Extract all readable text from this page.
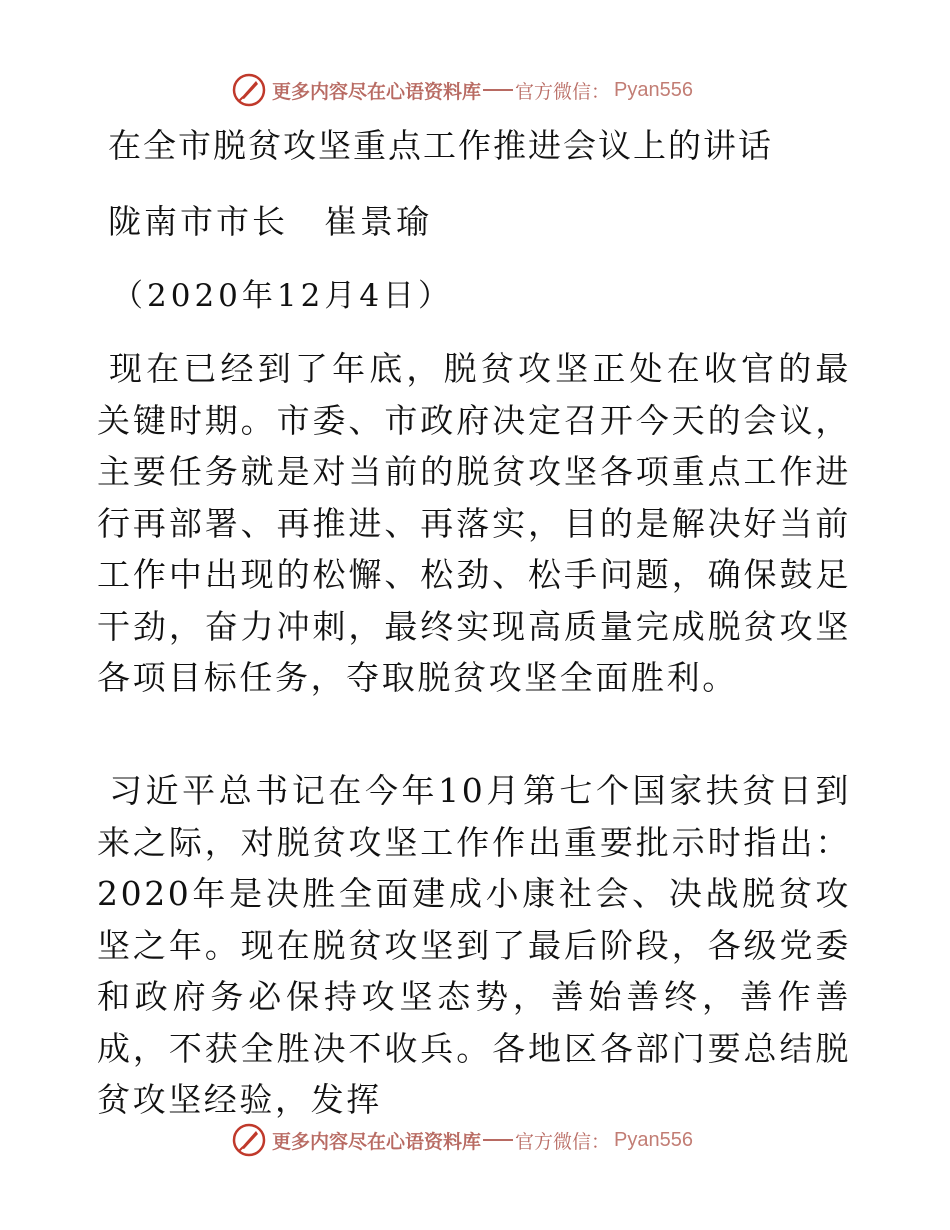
更多内容尽在心语资料库 官方微信： Pyan556
在全市脱贫攻坚重点工作推进会议上的讲话
陇南市市长 崔景瑜
（2020年12月4日）

现在已经到了年底，脱贫攻坚正处在收官的最关键时期。市委、市政府决定召开今天的会议，主要任务就是对当前的脱贫攻坚各项重点工作进行再部署、再推进、再落实，目的是解决好当前工作中出现的松懈、松劲、松手问题，确保鼓足干劲，奋力冲刺，最终实现高质量完成脱贫攻坚各项目标任务，夺取脱贫攻坚全面胜利。

习近平总书记在今年10月第七个国家扶贫日到来之际，对脱贫攻坚工作作出重要批示时指出：2020年是决胜全面建成小康社会、决战脱贫攻坚之年。现在脱贫攻坚到了最后阶段，各级党委和政府务必保持攻坚态势，善始善终，善作善成，不获全胜决不收兵。各地区各部门要总结脱贫攻坚经验，发挥

更多内容尽在心语资料库 官方微信： Pyan556
